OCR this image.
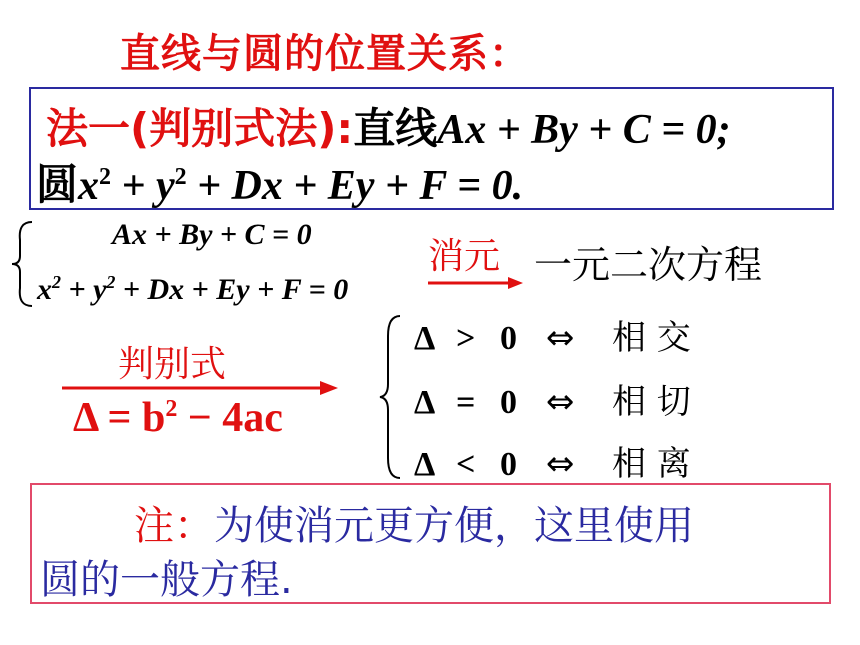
直线与圆的位置关系：
法一(判别式法):直线Ax + By + C = 0;
圆$x^2 + y^2 + Dx + Ey + F = 0$.
Ax + By + C = 0
$x^2 + y^2 + Dx + Ey + F = 0$
消元 一元二次方程
判别式
$\Delta = b^2 - 4ac$
Δ > 0 ⇔ 相 交
Δ = 0 ⇔ 相 切
Δ < 0 ⇔ 相 离
注：为使消元更方便，这里使用
圆的一般方程.
